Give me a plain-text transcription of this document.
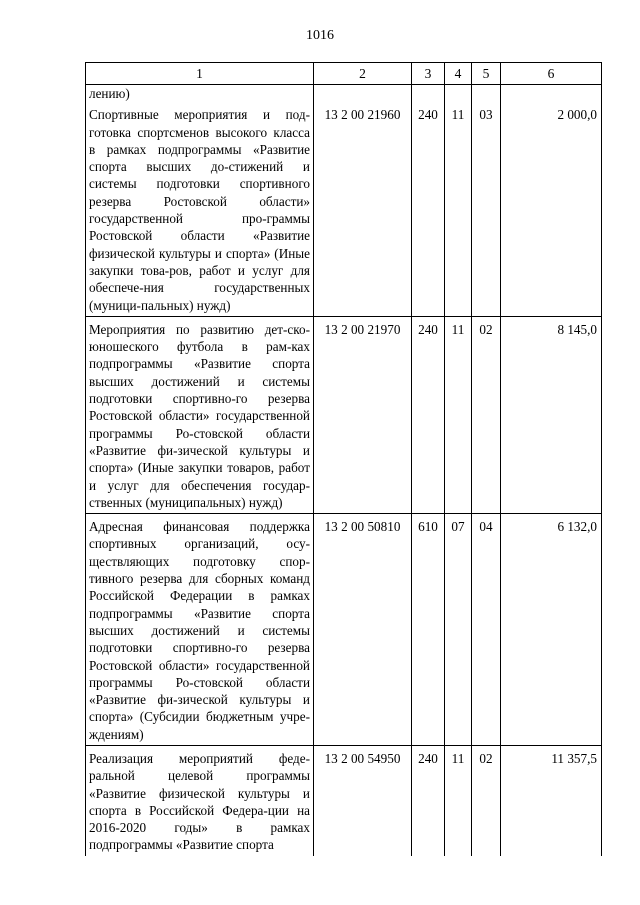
1016
1	2	3	4	5	6
лению)					
Спортивные мероприятия и под-готовка спортсменов высокого класса в рамках подпрограммы «Развитие спорта высших до-стижений и системы подготовки спортивного резерва Ростовской области» государственной про-граммы Ростовской области «Развитие физической культуры и спорта» (Иные закупки това-ров, работ и услуг для обеспече-ния государственных (муници-пальных) нужд)	13 2 00 21960	240	11	03	2 000,0
Мероприятия по развитию дет-ско-юношеского футбола в рам-ках подпрограммы «Развитие спорта высших достижений и системы подготовки спортивно-го резерва Ростовской области» государственной программы Ро-стовской области «Развитие фи-зической культуры и спорта» (Иные закупки товаров, работ и услуг для обеспечения государ-ственных (муниципальных) нужд)	13 2 00 21970	240	11	02	8 145,0
Адресная финансовая поддержка спортивных организаций, осу-ществляющих подготовку спор-тивного резерва для сборных команд Российской Федерации в рамках подпрограммы «Развитие спорта высших достижений и системы подготовки спортивно-го резерва Ростовской области» государственной программы Ро-стовской области «Развитие фи-зической культуры и спорта» (Субсидии бюджетным учре-ждениям)	13 2 00 50810	610	07	04	6 132,0
Реализация мероприятий феде-ральной целевой программы «Развитие физической культуры и спорта в Российской Федера-ции на 2016-2020 годы» в рамках подпрограммы «Развитие спорта	13 2 00 54950	240	11	02	11 357,5
